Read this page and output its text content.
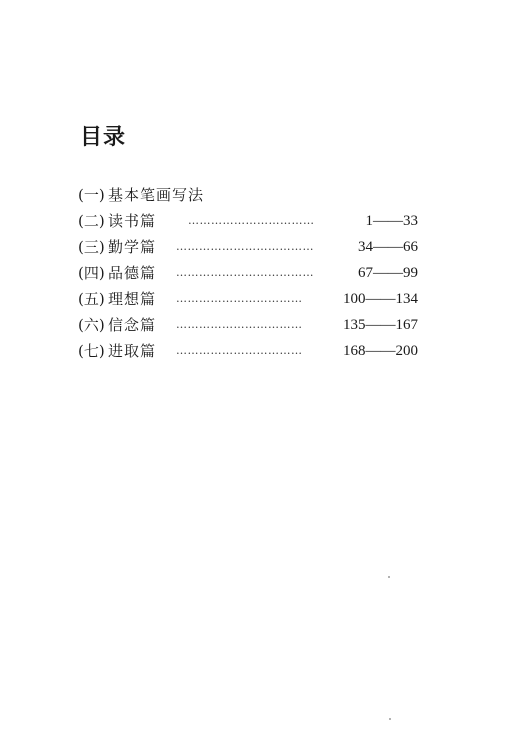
目录
(一) 基本笔画写法
(二) 读书篇	……………………………	1——33
(三) 勤学篇 ………………………………	34——66
(四) 品德篇 ………………………………	67——99
(五) 理想篇 ……………………………	100——134
(六) 信念篇 ……………………………	135——167
(七) 进取篇 ……………………………	168——200
